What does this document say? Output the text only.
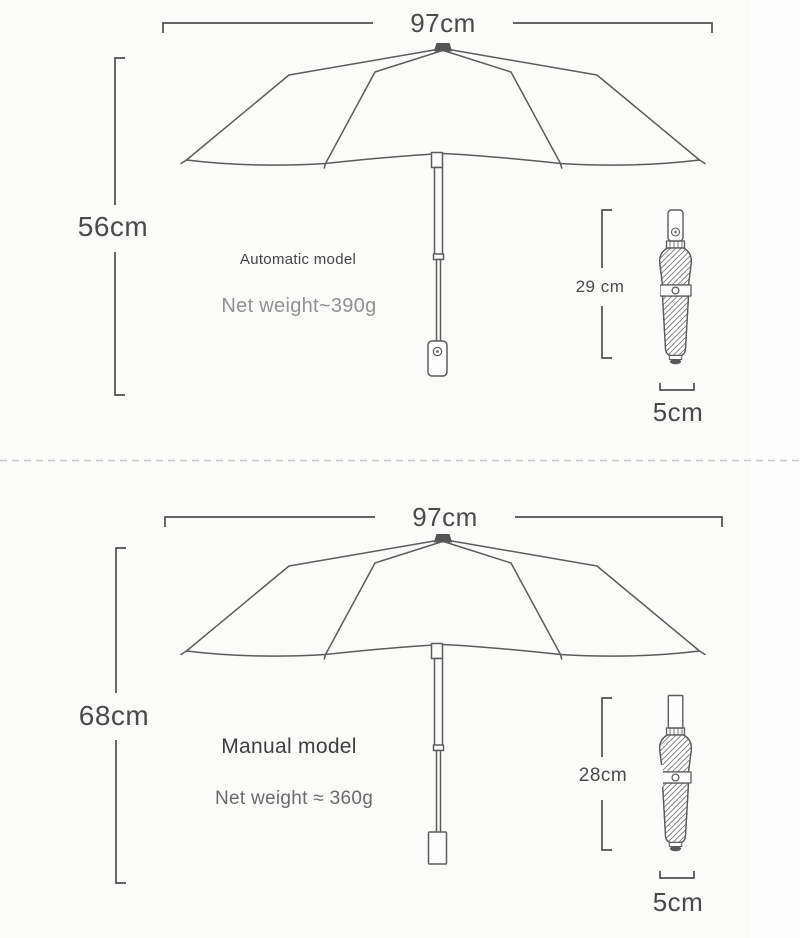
97cm
56cm
Automatic model
Net weight~390g
29 cm
5cm
97cm
68cm
Manual model
Net weight ≈ 360g
28cm
5cm
